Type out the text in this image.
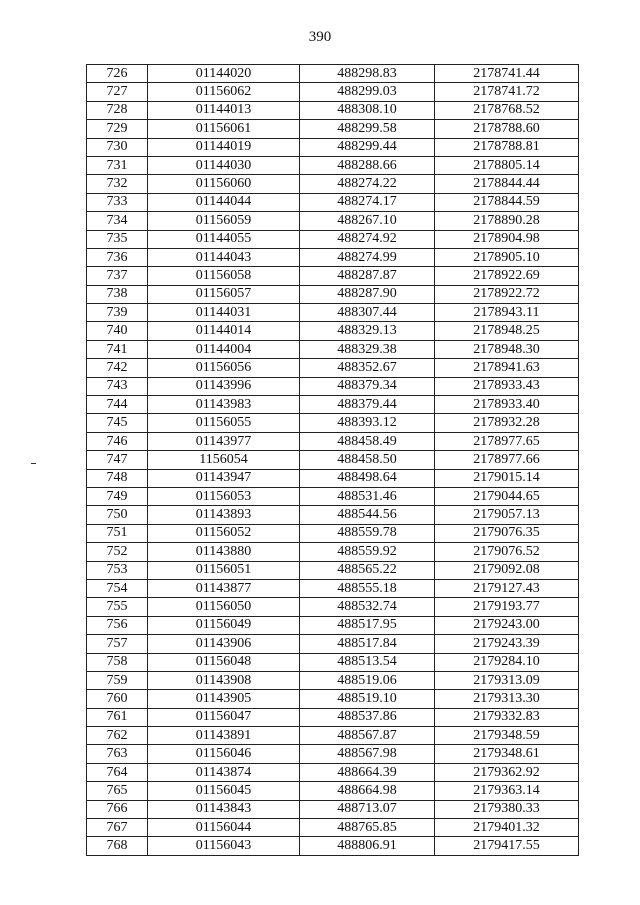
390
726	01144020	488298.83	2178741.44
727	01156062	488299.03	2178741.72
728	01144013	488308.10	2178768.52
729	01156061	488299.58	2178788.60
730	01144019	488299.44	2178788.81
731	01144030	488288.66	2178805.14
732	01156060	488274.22	2178844.44
733	01144044	488274.17	2178844.59
734	01156059	488267.10	2178890.28
735	01144055	488274.92	2178904.98
736	01144043	488274.99	2178905.10
737	01156058	488287.87	2178922.69
738	01156057	488287.90	2178922.72
739	01144031	488307.44	2178943.11
740	01144014	488329.13	2178948.25
741	01144004	488329.38	2178948.30
742	01156056	488352.67	2178941.63
743	01143996	488379.34	2178933.43
744	01143983	488379.44	2178933.40
745	01156055	488393.12	2178932.28
746	01143977	488458.49	2178977.65
747	1156054	488458.50	2178977.66
748	01143947	488498.64	2179015.14
749	01156053	488531.46	2179044.65
750	01143893	488544.56	2179057.13
751	01156052	488559.78	2179076.35
752	01143880	488559.92	2179076.52
753	01156051	488565.22	2179092.08
754	01143877	488555.18	2179127.43
755	01156050	488532.74	2179193.77
756	01156049	488517.95	2179243.00
757	01143906	488517.84	2179243.39
758	01156048	488513.54	2179284.10
759	01143908	488519.06	2179313.09
760	01143905	488519.10	2179313.30
761	01156047	488537.86	2179332.83
762	01143891	488567.87	2179348.59
763	01156046	488567.98	2179348.61
764	01143874	488664.39	2179362.92
765	01156045	488664.98	2179363.14
766	01143843	488713.07	2179380.33
767	01156044	488765.85	2179401.32
768	01156043	488806.91	2179417.55
